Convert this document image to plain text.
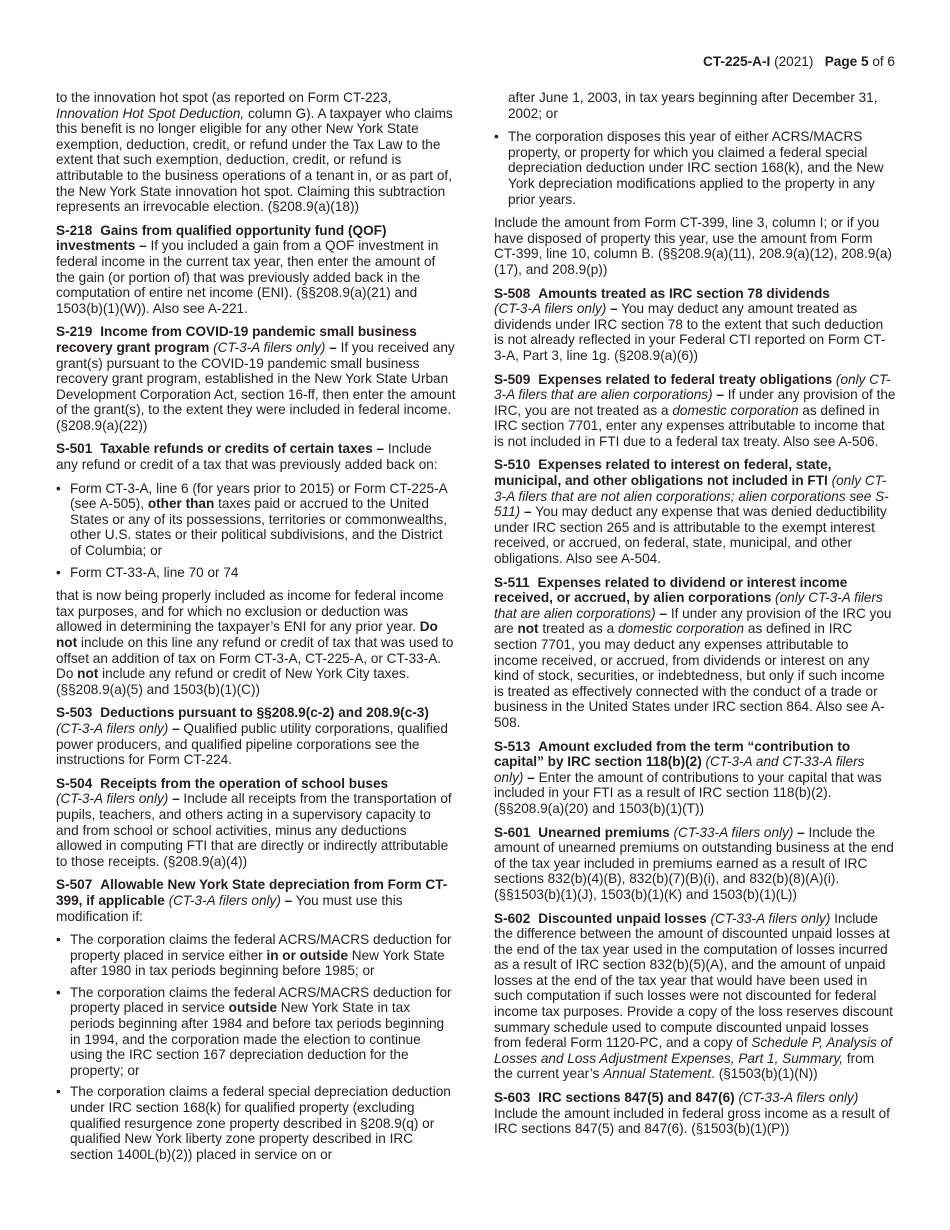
CT-225-A-I (2021) Page 5 of 6

to the innovation hot spot (as reported on Form CT-223, Innovation Hot Spot Deduction, column G). A taxpayer who claims this benefit is no longer eligible for any other New York State exemption, deduction, credit, or refund under the Tax Law to the extent that such exemption, deduction, credit, or refund is attributable to the business operations of a tenant in, or as part of, the New York State innovation hot spot. Claiming this subtraction represents an irrevocable election. (§208.9(a)(18))

S-218 Gains from qualified opportunity fund (QOF) investments – If you included a gain from a QOF investment in federal income in the current tax year, then enter the amount of the gain (or portion of) that was previously added back in the computation of entire net income (ENI). (§§208.9(a)(21) and 1503(b)(1)(W)). Also see A-221.

S-219 Income from COVID-19 pandemic small business recovery grant program (CT-3-A filers only) – If you received any grant(s) pursuant to the COVID-19 pandemic small business recovery grant program, established in the New York State Urban Development Corporation Act, section 16-ff, then enter the amount of the grant(s), to the extent they were included in federal income. (§208.9(a)(22))

S-501 Taxable refunds or credits of certain taxes – Include any refund or credit of a tax that was previously added back on:

• Form CT-3-A, line 6 (for years prior to 2015) or Form CT-225-A (see A-505), other than taxes paid or accrued to the United States or any of its possessions, territories or commonwealths, other U.S. states or their political subdivisions, and the District of Columbia; or
• Form CT-33-A, line 70 or 74

that is now being properly included as income for federal income tax purposes, and for which no exclusion or deduction was allowed in determining the taxpayer’s ENI for any prior year. Do not include on this line any refund or credit of tax that was used to offset an addition of tax on Form CT-3-A, CT-225-A, or CT-33-A. Do not include any refund or credit of New York City taxes. (§§208.9(a)(5) and 1503(b)(1)(C))

S-503 Deductions pursuant to §§208.9(c-2) and 208.9(c-3)
(CT-3-A filers only) – Qualified public utility corporations, qualified power producers, and qualified pipeline corporations see the instructions for Form CT-224.

S-504 Receipts from the operation of school buses
(CT-3-A filers only) – Include all receipts from the transportation of pupils, teachers, and others acting in a supervisory capacity to and from school or school activities, minus any deductions allowed in computing FTI that are directly or indirectly attributable to those receipts. (§208.9(a)(4))

S-507 Allowable New York State depreciation from Form CT-399, if applicable (CT-3-A filers only) – You must use this modification if:

• The corporation claims the federal ACRS/MACRS deduction for property placed in service either in or outside New York State after 1980 in tax periods beginning before 1985; or
• The corporation claims the federal ACRS/MACRS deduction for property placed in service outside New York State in tax periods beginning after 1984 and before tax periods beginning in 1994, and the corporation made the election to continue using the IRC section 167 depreciation deduction for the property; or
• The corporation claims a federal special depreciation deduction under IRC section 168(k) for qualified property (excluding qualified resurgence zone property described in §208.9(q) or qualified New York liberty zone property described in IRC section 1400L(b)(2)) placed in service on or

after June 1, 2003, in tax years beginning after December 31, 2002; or

• The corporation disposes this year of either ACRS/MACRS property, or property for which you claimed a federal special depreciation deduction under IRC section 168(k), and the New York depreciation modifications applied to the property in any prior years.

Include the amount from Form CT-399, line 3, column I; or if you have disposed of property this year, use the amount from Form CT-399, line 10, column B. (§§208.9(a)(11), 208.9(a)(12), 208.9(a)(17), and 208.9(p))

S-508 Amounts treated as IRC section 78 dividends
(CT-3-A filers only) – You may deduct any amount treated as dividends under IRC section 78 to the extent that such deduction is not already reflected in your Federal CTI reported on Form CT-3-A, Part 3, line 1g. (§208.9(a)(6))

S-509 Expenses related to federal treaty obligations (only CT-3-A filers that are alien corporations) – If under any provision of the IRC, you are not treated as a domestic corporation as defined in IRC section 7701, enter any expenses attributable to income that is not included in FTI due to a federal tax treaty. Also see A-506.

S-510 Expenses related to interest on federal, state, municipal, and other obligations not included in FTI (only CT-3-A filers that are not alien corporations; alien corporations see S-511) – You may deduct any expense that was denied deductibility under IRC section 265 and is attributable to the exempt interest received, or accrued, on federal, state, municipal, and other obligations. Also see A-504.

S-511 Expenses related to dividend or interest income received, or accrued, by alien corporations (only CT-3-A filers that are alien corporations) – If under any provision of the IRC you are not treated as a domestic corporation as defined in IRC section 7701, you may deduct any expenses attributable to income received, or accrued, from dividends or interest on any kind of stock, securities, or indebtedness, but only if such income is treated as effectively connected with the conduct of a trade or business in the United States under IRC section 864. Also see A-508.

S-513 Amount excluded from the term “contribution to capital” by IRC section 118(b)(2) (CT-3-A and CT-33-A filers only) – Enter the amount of contributions to your capital that was included in your FTI as a result of IRC section 118(b)(2). (§§208.9(a)(20) and 1503(b)(1)(T))

S-601 Unearned premiums (CT-33-A filers only) – Include the amount of unearned premiums on outstanding business at the end of the tax year included in premiums earned as a result of IRC sections 832(b)(4)(B), 832(b)(7)(B)(i), and 832(b)(8)(A)(i). (§§1503(b)(1)(J), 1503(b)(1)(K) and 1503(b)(1)(L))

S-602 Discounted unpaid losses (CT-33-A filers only) Include the difference between the amount of discounted unpaid losses at the end of the tax year used in the computation of losses incurred as a result of IRC section 832(b)(5)(A), and the amount of unpaid losses at the end of the tax year that would have been used in such computation if such losses were not discounted for federal income tax purposes. Provide a copy of the loss reserves discount summary schedule used to compute discounted unpaid losses from federal Form 1120-PC, and a copy of Schedule P, Analysis of Losses and Loss Adjustment Expenses, Part 1, Summary, from the current year’s Annual Statement. (§1503(b)(1)(N))

S-603 IRC sections 847(5) and 847(6) (CT-33-A filers only)
Include the amount included in federal gross income as a result of IRC sections 847(5) and 847(6). (§1503(b)(1)(P))
